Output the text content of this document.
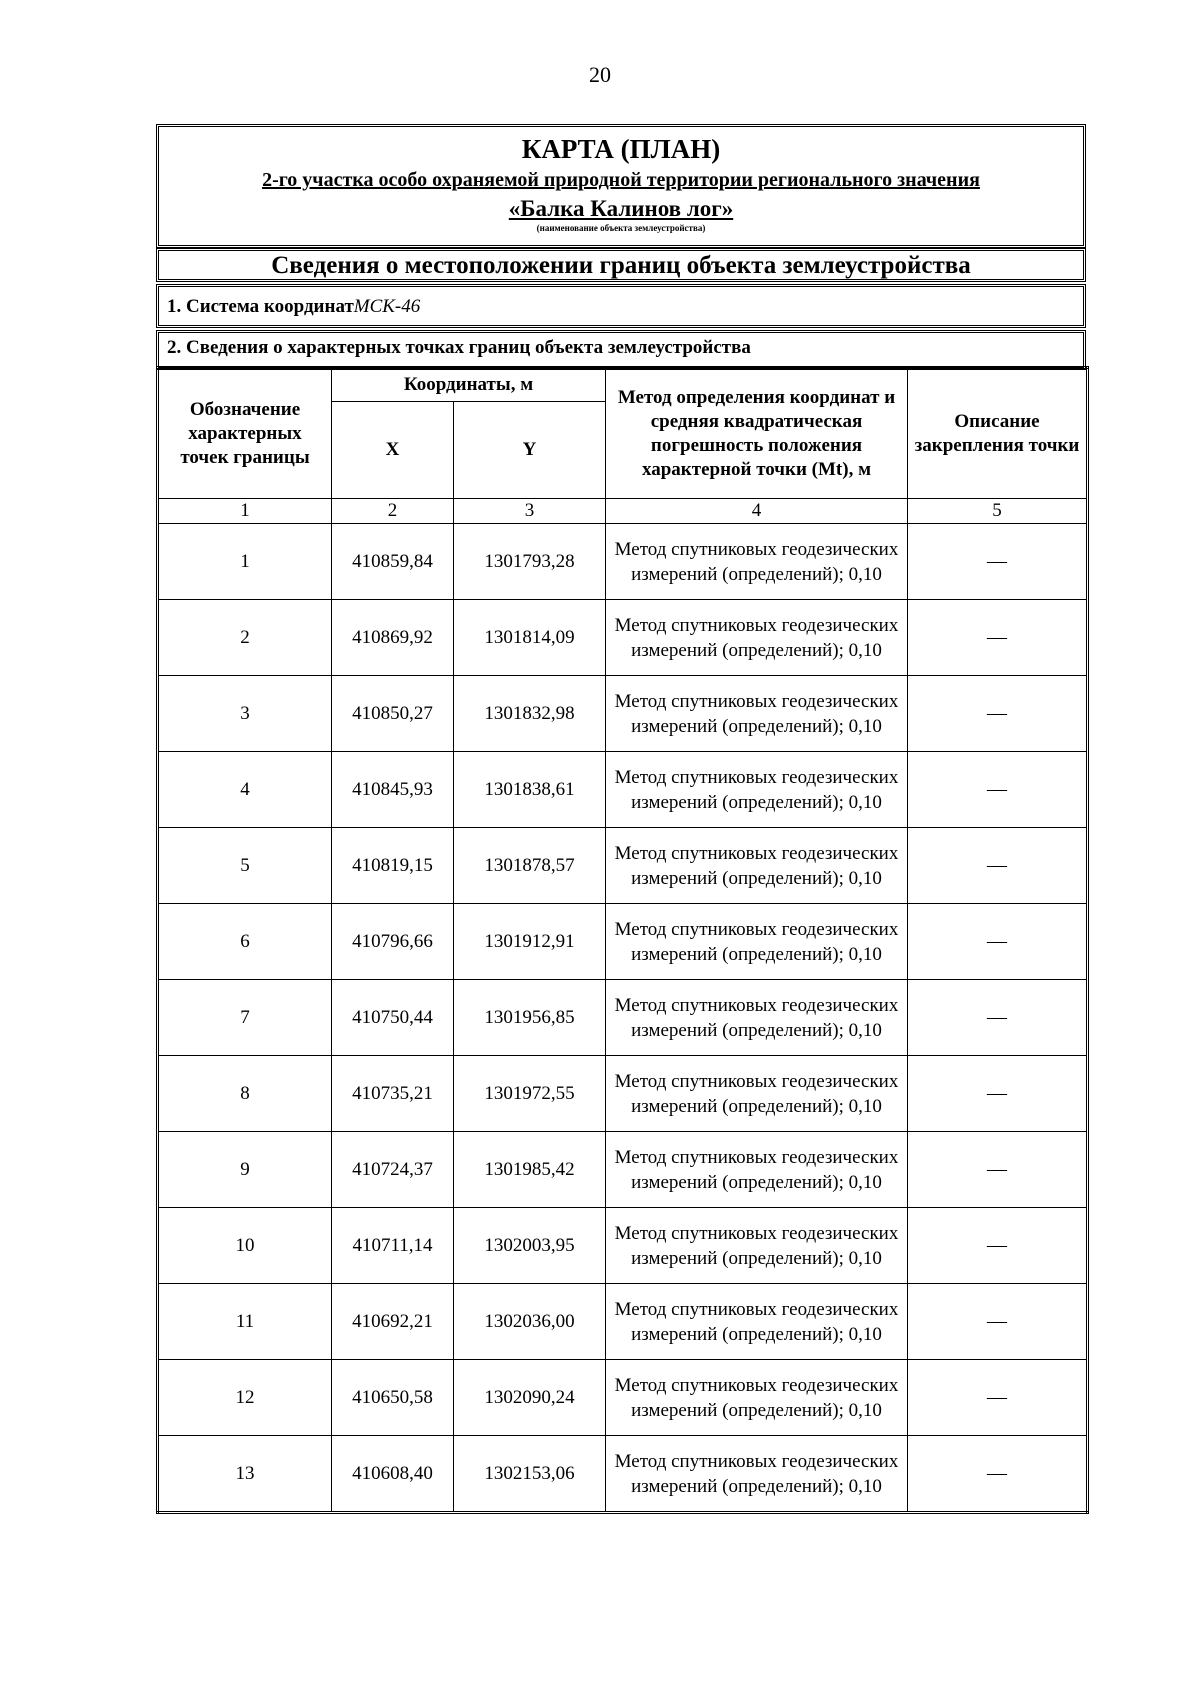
20
КАРТА (ПЛАН)
2-го участка особо охраняемой природной территории регионального значения
«Балка Калинов лог»
(наименование объекта землеустройства)
Сведения о местоположении границ объекта землеустройства
1. Система координатМСК-46
2. Сведения о характерных точках границ объекта землеустройства
Обозначение характерных точек границы	Координаты, м		Метод определения координат и средняя квадратическая погрешность положения характерной точки (Mt), м	Описание закрепления точки
	X	Y		
1	2	3	4	5
1	410859,84	1301793,28	Метод спутниковых геодезических измерений (определений); 0,10	—
2	410869,92	1301814,09	Метод спутниковых геодезических измерений (определений); 0,10	—
3	410850,27	1301832,98	Метод спутниковых геодезических измерений (определений); 0,10	—
4	410845,93	1301838,61	Метод спутниковых геодезических измерений (определений); 0,10	—
5	410819,15	1301878,57	Метод спутниковых геодезических измерений (определений); 0,10	—
6	410796,66	1301912,91	Метод спутниковых геодезических измерений (определений); 0,10	—
7	410750,44	1301956,85	Метод спутниковых геодезических измерений (определений); 0,10	—
8	410735,21	1301972,55	Метод спутниковых геодезических измерений (определений); 0,10	—
9	410724,37	1301985,42	Метод спутниковых геодезических измерений (определений); 0,10	—
10	410711,14	1302003,95	Метод спутниковых геодезических измерений (определений); 0,10	—
11	410692,21	1302036,00	Метод спутниковых геодезических измерений (определений); 0,10	—
12	410650,58	1302090,24	Метод спутниковых геодезических измерений (определений); 0,10	—
13	410608,40	1302153,06	Метод спутниковых геодезических измерений (определений); 0,10	—
